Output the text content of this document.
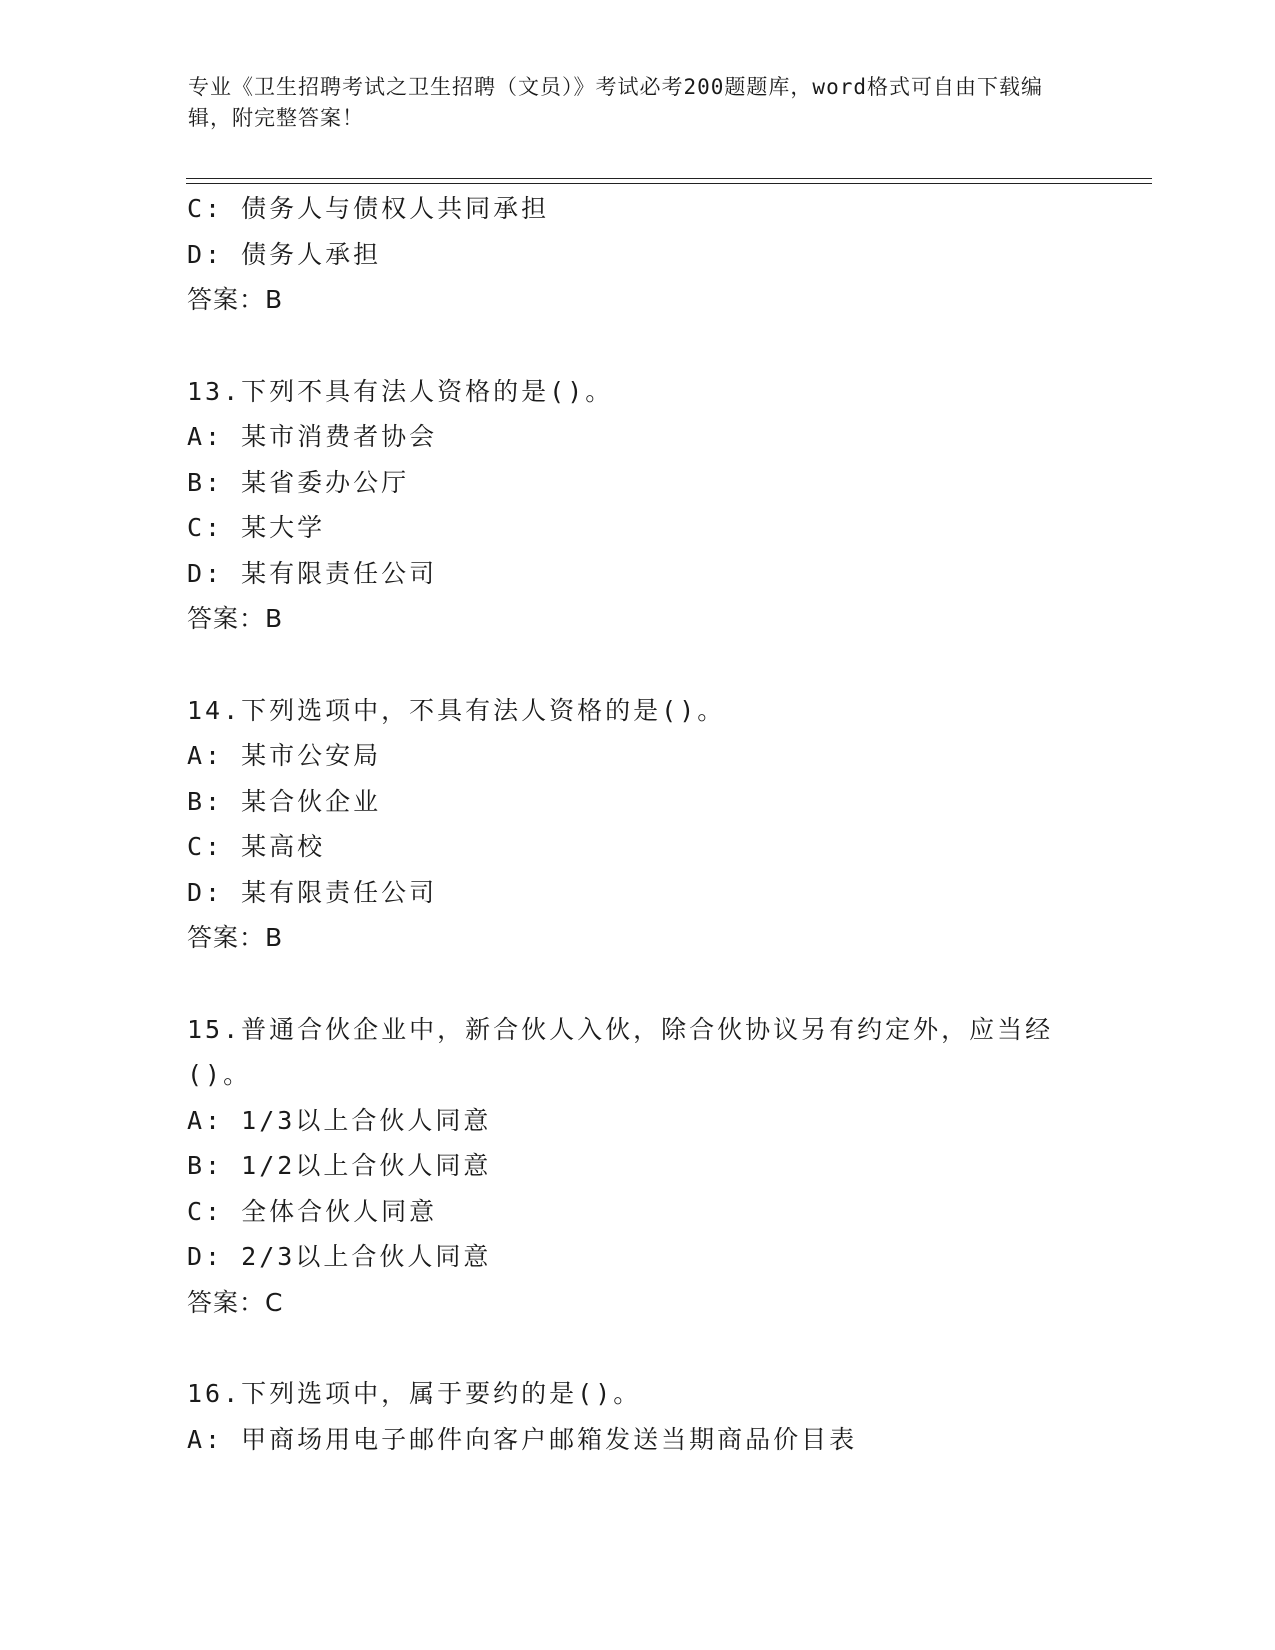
专业《卫生招聘考试之卫生招聘（文员）》考试必考200题题库，word格式可自由下载编辑，附完整答案！
C: 债务人与债权人共同承担
D: 债务人承担
答案：B
13.下列不具有法人资格的是()。
A: 某市消费者协会
B: 某省委办公厅
C: 某大学
D: 某有限责任公司
答案：B
14.下列选项中，不具有法人资格的是()。
A: 某市公安局
B: 某合伙企业
C: 某高校
D: 某有限责任公司
答案：B
15.普通合伙企业中，新合伙人入伙，除合伙协议另有约定外，应当经
()。
A: 1/3以上合伙人同意
B: 1/2以上合伙人同意
C: 全体合伙人同意
D: 2/3以上合伙人同意
答案：C
16.下列选项中，属于要约的是()。
A: 甲商场用电子邮件向客户邮箱发送当期商品价目表
